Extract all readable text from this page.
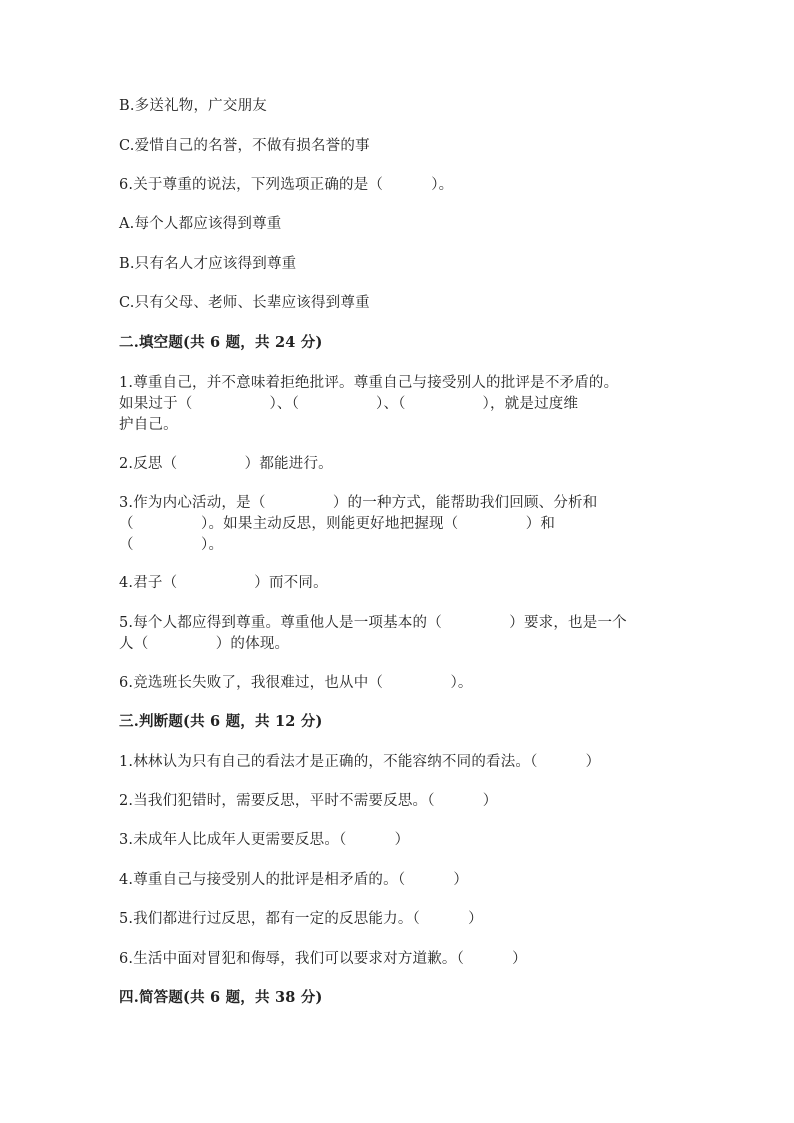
B.多送礼物，广交朋友
C.爱惜自己的名誉，不做有损名誉的事
6.关于尊重的说法，下列选项正确的是（          ）。
A.每个人都应该得到尊重
B.只有名人才应该得到尊重
C.只有父母、老师、长辈应该得到尊重
二.填空题(共 6 题，共 24 分)
1.尊重自己，并不意味着拒绝批评。尊重自己与接受别人的批评是不矛盾的。
如果过于（                ）、（                ）、（                ），就是过度维
护自己。
2.反思（              ）都能进行。
3.作为内心活动，是（              ）的一种方式，能帮助我们回顾、分析和
（              ）。如果主动反思，则能更好地把握现（              ）和
（              ）。
4.君子（                ）而不同。
5.每个人都应得到尊重。尊重他人是一项基本的（              ）要求，也是一个
人（              ）的体现。
6.竞选班长失败了，我很难过，也从中（              ）。
三.判断题(共 6 题，共 12 分)
1.林林认为只有自己的看法才是正确的，不能容纳不同的看法。（          ）
2.当我们犯错时，需要反思，平时不需要反思。（          ）
3.未成年人比成年人更需要反思。（          ）
4.尊重自己与接受别人的批评是相矛盾的。（          ）
5.我们都进行过反思，都有一定的反思能力。（          ）
6.生活中面对冒犯和侮辱，我们可以要求对方道歉。（          ）
四.简答题(共 6 题，共 38 分)
